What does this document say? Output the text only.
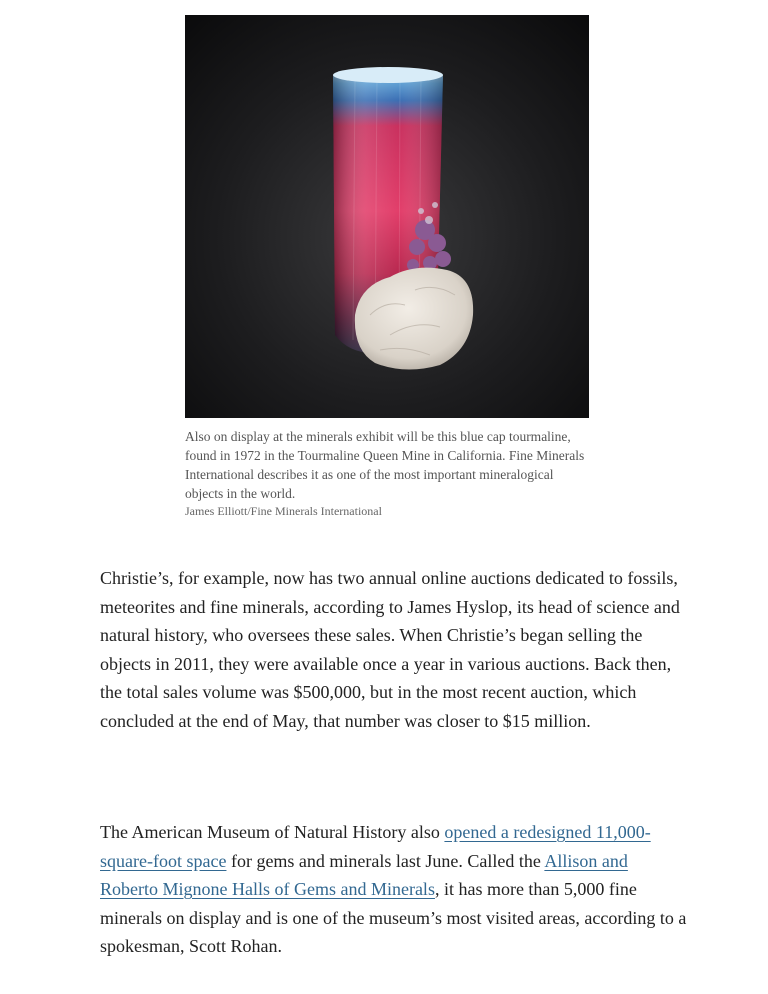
Also on display at the minerals exhibit will be this blue cap tourmaline, found in 1972 in the Tourmaline Queen Mine in California. Fine Minerals International describes it as one of the most important mineralogical objects in the world.
James Elliott/Fine Minerals International

Christie’s, for example, now has two annual online auctions dedicated to fossils, meteorites and fine minerals, according to James Hyslop, its head of science and natural history, who oversees these sales. When Christie’s began selling the objects in 2011, they were available once a year in various auctions. Back then, the total sales volume was $500,000, but in the most recent auction, which concluded at the end of May, that number was closer to $15 million.

The American Museum of Natural History also opened a redesigned 11,000-square-foot space for gems and minerals last June. Called the Allison and Roberto Mignone Halls of Gems and Minerals, it has more than 5,000 fine minerals on display and is one of the museum’s most visited areas, according to a spokesman, Scott Rohan.
